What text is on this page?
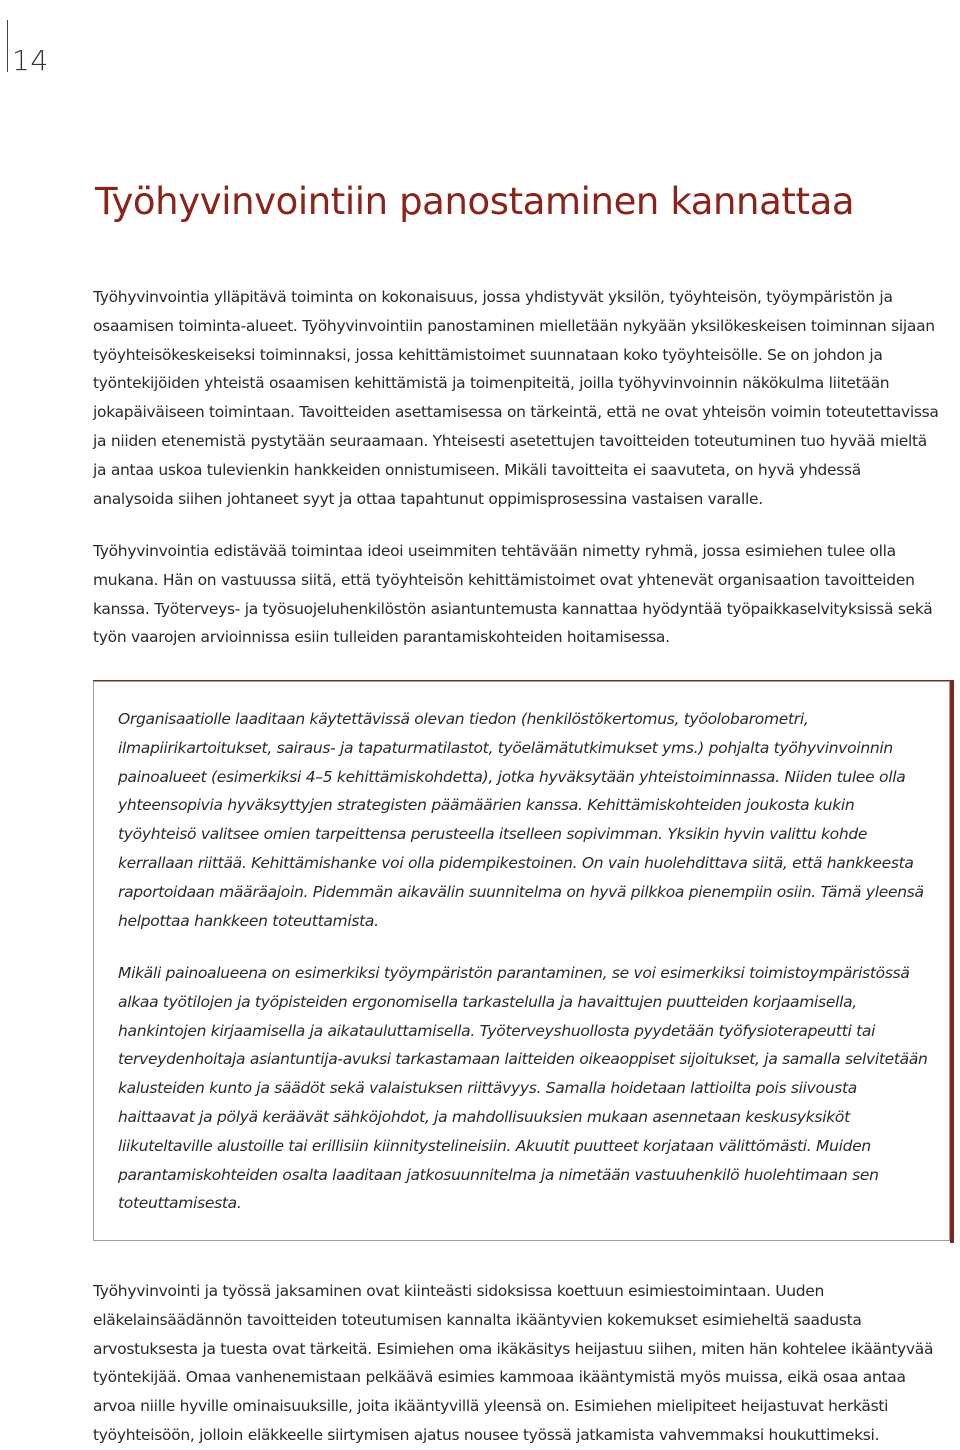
14
Työhyvinvointiin panostaminen kannattaa

Työhyvinvointia ylläpitävä toiminta on kokonaisuus, jossa yhdistyvät yksilön, työyhteisön, työympäristön ja osaamisen toiminta-alueet. Työhyvinvointiin panostaminen mielletään nykyään yksilökeskeisen toiminnan sijaan työyhteisökeskeiseksi toiminnaksi, jossa kehittämistoimet suunnataan koko työyhteisölle. Se on johdon ja työntekijöiden yhteistä osaamisen kehittämistä ja toimenpiteitä, joilla työhyvinvoinnin näkökulma liitetään jokapäiväiseen toimintaan. Tavoitteiden asettamisessa on tärkeintä, että ne ovat yhteisön voimin toteutettavissa ja niiden etenemistä pystytään seuraamaan. Yhteisesti asetettujen tavoitteiden toteutuminen tuo hyvää mieltä ja antaa uskoa tulevienkin hankkeiden onnistumiseen. Mikäli tavoitteita ei saavuteta, on hyvä yhdessä analysoida siihen johtaneet syyt ja ottaa tapahtunut oppimisprosessina vastaisen varalle.

Työhyvinvointia edistävää toimintaa ideoi useimmiten tehtävään nimetty ryhmä, jossa esimiehen tulee olla mukana. Hän on vastuussa siitä, että työyhteisön kehittämistoimet ovat yhtenevät organisaation tavoitteiden kanssa. Työterveys- ja työsuojeluhenkilöstön asiantuntemusta kannattaa hyödyntää työpaikkaselvityksissä sekä työn vaarojen arvioinnissa esiin tulleiden parantamiskohteiden hoitamisessa.

Organisaatiolle laaditaan käytettävissä olevan tiedon (henkilöstökertomus, työolobarometri, ilmapiirikartoitukset, sairaus- ja tapaturmatilastot, työelämätutkimukset yms.) pohjalta työhyvinvoinnin painoalueet (esimerkiksi 4–5 kehittämiskohdetta), jotka hyväksytään yhteistoiminnassa. Niiden tulee olla yhteensopivia hyväksyttyjen strategisten päämäärien kanssa. Kehittämiskohteiden joukosta kukin työyhteisö valitsee omien tarpeittensa perusteella itselleen sopivimman. Yksikin hyvin valittu kohde kerrallaan riittää. Kehittämishanke voi olla pidempikestoinen. On vain huolehdittava siitä, että hankkeesta raportoidaan määräajoin. Pidemmän aikavälin suunnitelma on hyvä pilkkoa pienempiin osiin. Tämä yleensä helpottaa hankkeen toteuttamista.

Mikäli painoalueena on esimerkiksi työympäristön parantaminen, se voi esimerkiksi toimistoympäristössä alkaa työtilojen ja työpisteiden ergonomisella tarkastelulla ja havaittujen puutteiden korjaamisella, hankintojen kirjaamisella ja aikatauluttamisella. Työterveyshuollosta pyydetään työfysioterapeutti tai terveydenhoitaja asiantuntija-avuksi tarkastamaan laitteiden oikeaoppiset sijoitukset, ja samalla selvitetään kalusteiden kunto ja säädöt sekä valaistuksen riittävyys. Samalla hoidetaan lattioilta pois siivousta haittaavat ja pölyä keräävät sähköjohdot, ja mahdollisuuksien mukaan asennetaan keskusyksiköt liikuteltaville alustoille tai erillisiin kiinnitystelineisiin. Akuutit puutteet korjataan välittömästi. Muiden parantamiskohteiden osalta laaditaan jatkosuunnitelma ja nimetään vastuuhenkilö huolehtimaan sen toteuttamisesta.

Työhyvinvointi ja työssä jaksaminen ovat kiinteästi sidoksissa koettuun esimiestoimintaan. Uuden eläkelainsäädännön tavoitteiden toteutumisen kannalta ikääntyvien kokemukset esimieheltä saadusta arvostuksesta ja tuesta ovat tärkeitä. Esimiehen oma ikäkäsitys heijastuu siihen, miten hän kohtelee ikääntyvää työntekijää. Omaa vanhenemistaan pelkäävä esimies kammoaa ikääntymistä myös muissa, eikä osaa antaa arvoa niille hyville ominaisuuksille, joita ikääntyvillä yleensä on. Esimiehen mielipiteet heijastuvat herkästi työyhteisöön, jolloin eläkkeelle siirtymisen ajatus nousee työssä jatkamista vahvemmaksi houkuttimeksi.
